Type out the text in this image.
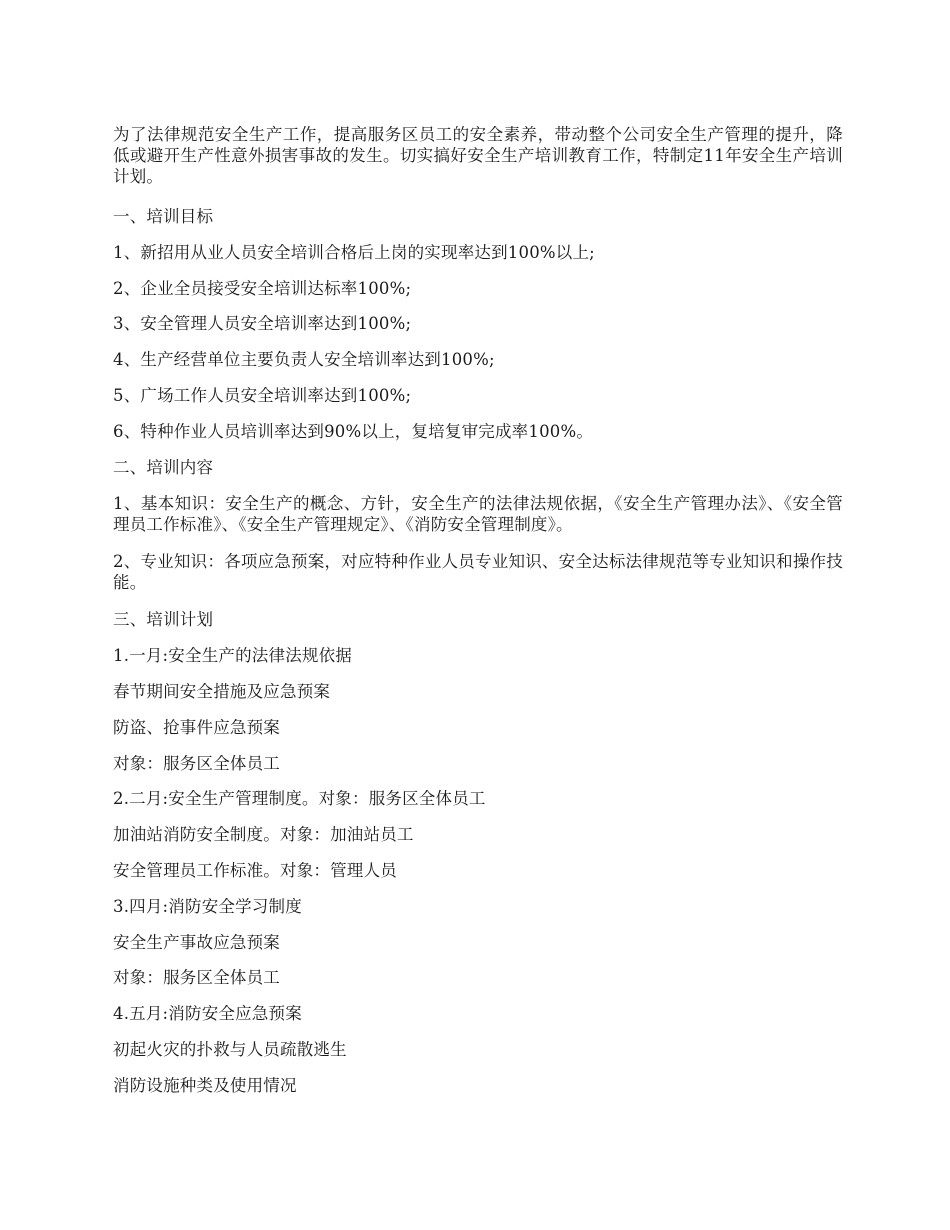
为了法律规范安全生产工作，提高服务区员工的安全素养，带动整个公司安全生产管理的提升，降低或避开生产性意外损害事故的发生。切实搞好安全生产培训教育工作，特制定11年安全生产培训计划。

一、培训目标

1、新招用从业人员安全培训合格后上岗的实现率达到100%以上;

2、企业全员接受安全培训达标率100%;

3、安全管理人员安全培训率达到100%;

4、生产经营单位主要负责人安全培训率达到100%;

5、广场工作人员安全培训率达到100%;

6、特种作业人员培训率达到90%以上，复培复审完成率100%。

二、培训内容

1、基本知识：安全生产的概念、方针，安全生产的法律法规依据，《安全生产管理办法》、《安全管理员工作标准》、《安全生产管理规定》、《消防安全管理制度》。

2、专业知识：各项应急预案，对应特种作业人员专业知识、安全达标法律规范等专业知识和操作技能。

三、培训计划

1.一月:安全生产的法律法规依据

春节期间安全措施及应急预案

防盗、抢事件应急预案

对象：服务区全体员工

2.二月:安全生产管理制度。对象：服务区全体员工

加油站消防安全制度。对象：加油站员工

安全管理员工作标准。对象：管理人员

3.四月:消防安全学习制度

安全生产事故应急预案

对象：服务区全体员工

4.五月:消防安全应急预案

初起火灾的扑救与人员疏散逃生

消防设施种类及使用情况
